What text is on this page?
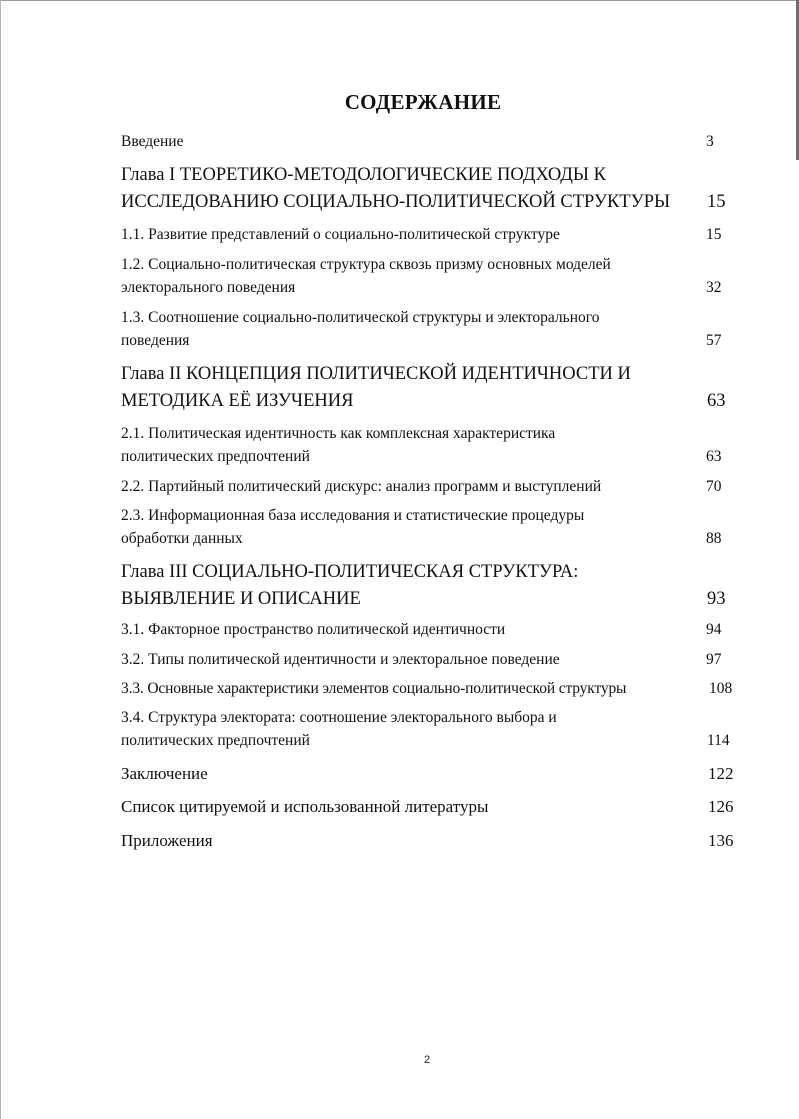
СОДЕРЖАНИЕ
Введение	3
Глава I ТЕОРЕТИКО-МЕТОДОЛОГИЧЕСКИЕ ПОДХОДЫ К
ИССЛЕДОВАНИЮ СОЦИАЛЬНО-ПОЛИТИЧЕСКОЙ СТРУКТУРЫ 15
1.1. Развитие представлений о социально-политической структуре	15
1.2. Социально-политическая структура сквозь призму основных моделей
электорального поведения	32
1.3. Соотношение социально-политической структуры и электорального
поведения	57
Глава II КОНЦЕПЦИЯ ПОЛИТИЧЕСКОЙ ИДЕНТИЧНОСТИ И
МЕТОДИКА ЕЁ ИЗУЧЕНИЯ	63
2.1. Политическая идентичность как комплексная характеристика
политических предпочтений	63
2.2. Партийный политический дискурс: анализ программ и выступлений	70
2.3. Информационная база исследования и статистические процедуры
обработки данных	88
Глава III СОЦИАЛЬНО-ПОЛИТИЧЕСКАЯ СТРУКТУРА:
ВЫЯВЛЕНИЕ И ОПИСАНИЕ	93
3.1. Факторное пространство политической идентичности	94
3.2. Типы политической идентичности и электоральное поведение	97
3.3. Основные характеристики элементов социально-политической структуры	108
3.4. Структура электората: соотношение электорального выбора и
политических предпочтений	114
Заключение	122
Список цитируемой и использованной литературы	126
Приложения	136
2
